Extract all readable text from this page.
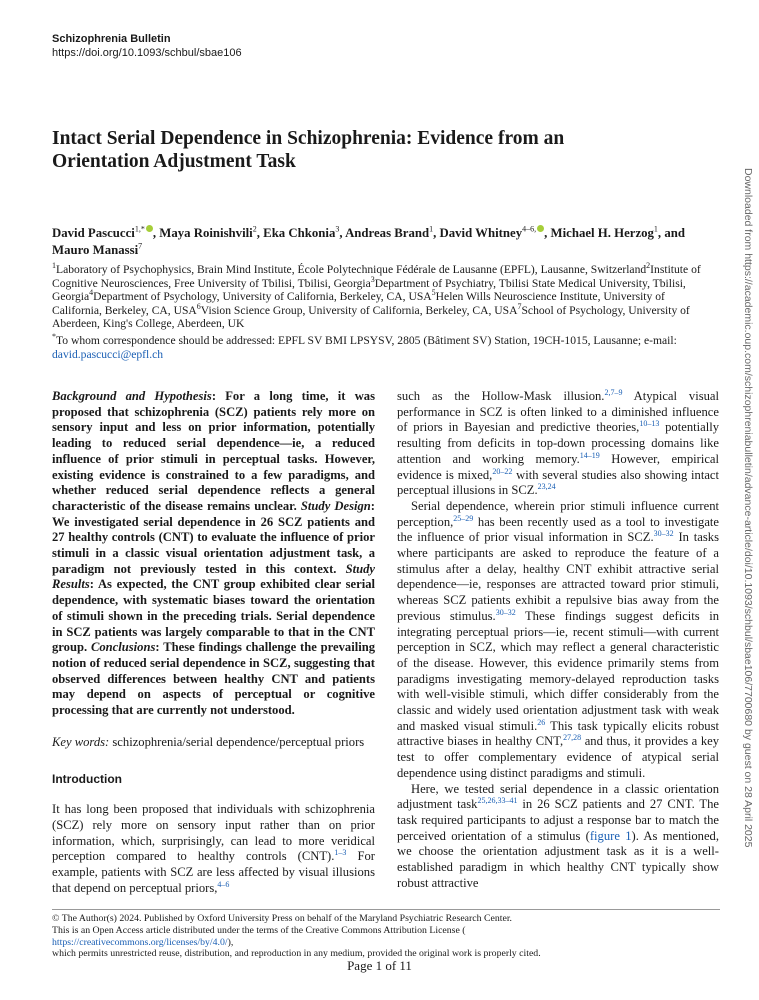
Schizophrenia Bulletin
https://doi.org/10.1093/schbul/sbae106
Intact Serial Dependence in Schizophrenia: Evidence from an Orientation Adjustment Task

David Pascucci$^{1,*}$ , Maya Roinishvili$^2$, Eka Chkonia$^3$, Andreas Brand$^1$, David Whitney$^{4-6,}$ , Michael H. Herzog$^1$, and Mauro Manassi$^7$

$^1$Laboratory of Psychophysics, Brain Mind Institute, École Polytechnique Fédérale de Lausanne (EPFL), Lausanne, Switzerland$^2$Institute of Cognitive Neurosciences, Free University of Tbilisi, Tbilisi, Georgia$^3$Department of Psychiatry, Tbilisi State Medical University, Tbilisi, Georgia$^4$Department of Psychology, University of California, Berkeley, CA, USA$^5$Helen Wills Neuroscience Institute, University of California, Berkeley, CA, USA$^6$Vision Science Group, University of California, Berkeley, CA, USA$^7$School of Psychology, University of Aberdeen, King's College, Aberdeen, UK

*To whom correspondence should be addressed: EPFL SV BMI LPSYSV, 2805 (Bâtiment SV) Station, 19CH-1015, Lausanne; e-mail: david.pascucci@epfl.ch

Background and Hypothesis: For a long time, it was proposed that schizophrenia (SCZ) patients rely more on sensory input and less on prior information, potentially leading to reduced serial dependence—ie, a reduced influence of prior stimuli in perceptual tasks. However, existing evidence is constrained to a few paradigms, and whether reduced serial dependence reflects a general characteristic of the disease remains unclear. Study Design: We investigated serial dependence in 26 SCZ patients and 27 healthy controls (CNT) to evaluate the influence of prior stimuli in a classic visual orientation adjustment task, a paradigm not previously tested in this context. Study Results: As expected, the CNT group exhibited clear serial dependence, with systematic biases toward the orientation of stimuli shown in the preceding trials. Serial dependence in SCZ patients was largely comparable to that in the CNT group. Conclusions: These findings challenge the prevailing notion of reduced serial dependence in SCZ, suggesting that observed differences between healthy CNT and patients may depend on aspects of perceptual or cognitive processing that are currently not understood.

Key words: schizophrenia/serial dependence/perceptual priors

Introduction

It has long been proposed that individuals with schizophrenia (SCZ) rely more on sensory input rather than on prior information, which, surprisingly, can lead to more veridical perception compared to healthy controls (CNT).$^{1-3}$ For example, patients with SCZ are less affected by visual illusions that depend on perceptual priors,$^{4-6}$

such as the Hollow-Mask illusion.$^{2,7-9}$ Atypical visual performance in SCZ is often linked to a diminished influence of priors in Bayesian and predictive theories,$^{10-13}$ potentially resulting from deficits in top-down processing domains like attention and working memory.$^{14-19}$ However, empirical evidence is mixed,$^{20-22}$ with several studies also showing intact perceptual illusions in SCZ.$^{23,24}$

Serial dependence, wherein prior stimuli influence current perception,$^{25-29}$ has been recently used as a tool to investigate the influence of prior visual information in SCZ.$^{30-32}$ In tasks where participants are asked to reproduce the feature of a stimulus after a delay, healthy CNT exhibit attractive serial dependence—ie, responses are attracted toward prior stimuli, whereas SCZ patients exhibit a repulsive bias away from the previous stimulus.$^{30-32}$ These findings suggest deficits in integrating perceptual priors—ie, recent stimuli—with current perception in SCZ, which may reflect a general characteristic of the disease. However, this evidence primarily stems from paradigms investigating memory-delayed reproduction tasks with well-visible stimuli, which differ considerably from the classic and widely used orientation adjustment task with weak and masked visual stimuli.$^{26}$ This task typically elicits robust attractive biases in healthy CNT,$^{27,28}$ and thus, it provides a key test to offer complementary evidence of atypical serial dependence using distinct paradigms and stimuli.

Here, we tested serial dependence in a classic orientation adjustment task$^{25,26,33-41}$ in 26 SCZ patients and 27 CNT. The task required participants to adjust a response bar to match the perceived orientation of a stimulus (figure 1). As mentioned, we choose the orientation adjustment task as it is a well-established paradigm in which healthy CNT typically show robust attractive

© The Author(s) 2024. Published by Oxford University Press on behalf of the Maryland Psychiatric Research Center.
This is an Open Access article distributed under the terms of the Creative Commons Attribution License (
https://creativecommons.org/licenses/by/4.0/),
which permits unrestricted reuse, distribution, and reproduction in any medium, provided the original work is properly cited.
Page 1 of 11
Downloaded from https://academic.oup.com/schizophreniabulletin/advance-article/doi/10.1093/schbul/sbae106/7700680 by guest on 28 April 2025
